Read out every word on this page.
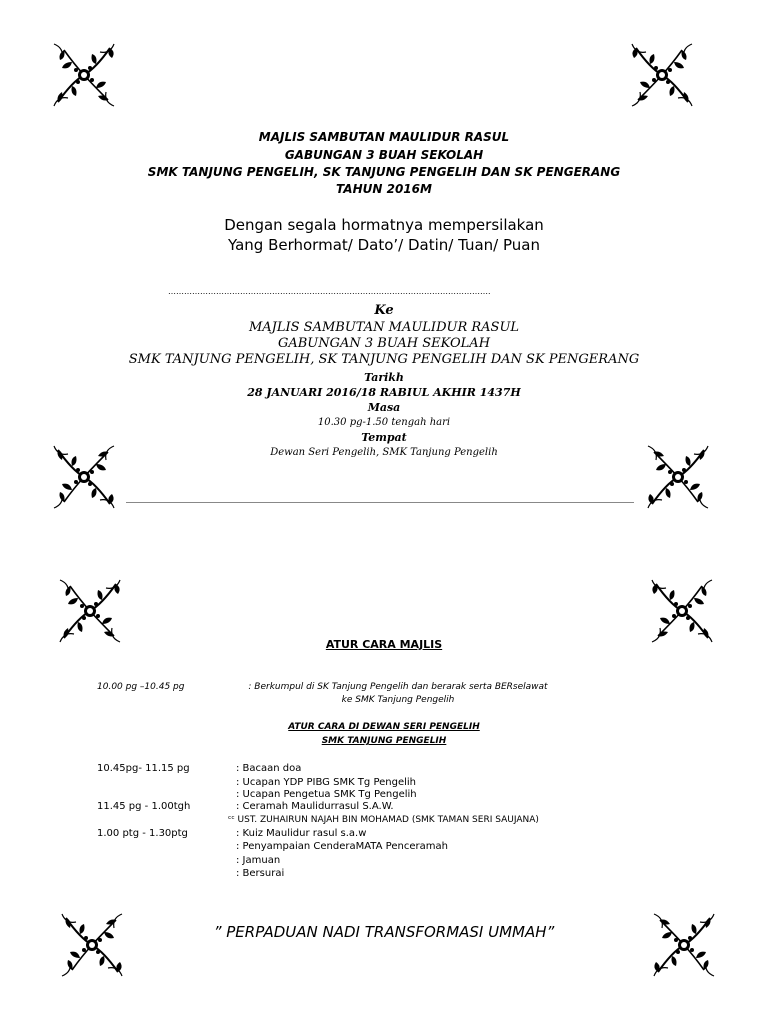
MAJLIS SAMBUTAN MAULIDUR RASUL
GABUNGAN 3 BUAH SEKOLAH
SMK TANJUNG PENGELIH, SK TANJUNG PENGELIH DAN SK PENGERANG
TAHUN 2016M
Dengan segala hormatnya mempersilakan
Yang Berhormat/ Dato’/ Datin/ Tuan/ Puan
………………………………………………………………………………………………………….
Ke
MAJLIS SAMBUTAN MAULIDUR RASUL
GABUNGAN 3 BUAH SEKOLAH
SMK TANJUNG PENGELIH, SK TANJUNG PENGELIH DAN SK PENGERANG
Tarikh
28 JANUARI 2016/18 RABIUL AKHIR 1437H
Masa
10.30 pg-1.50 tengah hari
Tempat
Dewan Seri Pengelih, SMK Tanjung Pengelih
ATUR CARA MAJLIS
10.00 pg –10.45 pg	: Berkumpul di SK Tanjung Pengelih dan berarak serta BERselawat
ke SMK Tanjung Pengelih
ATUR CARA DI DEWAN SERI PENGELIH
SMK TANJUNG PENGELIH
10.45pg- 11.15 pg	: Bacaan doa
: Ucapan YDP PIBG SMK Tg Pengelih
: Ucapan Pengetua SMK Tg Pengelih
11.45 pg - 1.00tgh	: Ceramah Maulidurrasul S.A.W.
ᶜᶜ UST. ZUHAIRUN NAJAH BIN MOHAMAD (SMK TAMAN SERI SAUJANA)
1.00 ptg - 1.30ptg	: Kuiz Maulidur rasul s.a.w
: Penyampaian CenderaMATA Penceramah
: Jamuan
: Bersurai
” PERPADUAN NADI TRANSFORMASI UMMAH”
